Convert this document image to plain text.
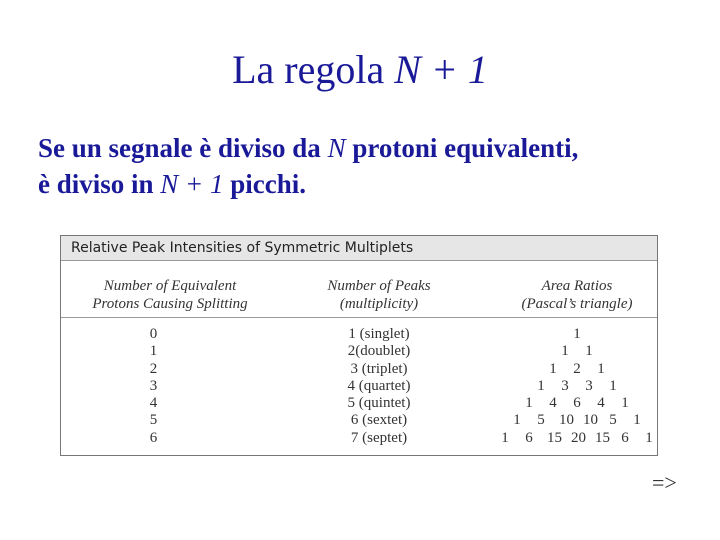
La regola N + 1
Se un segnale è diviso da N protoni equivalenti,
è diviso in N + 1 picchi.
Relative Peak Intensities of Symmetric Multiplets
Number of Equivalent
Protons Causing Splitting
Number of Peaks
(multiplicity)
Area Ratios
(Pascal’s triangle)
0
1
2
3
4
5
6
1 (singlet)
2(doublet)
3 (triplet)
4 (quartet)
5 (quintet)
6 (sextet)
7 (septet)
1
1 1
1 2 1
1 3 3 1
1 4 6 4 1
1 5 10 10 5 1
1 6 15 20 15 6 1
=>
